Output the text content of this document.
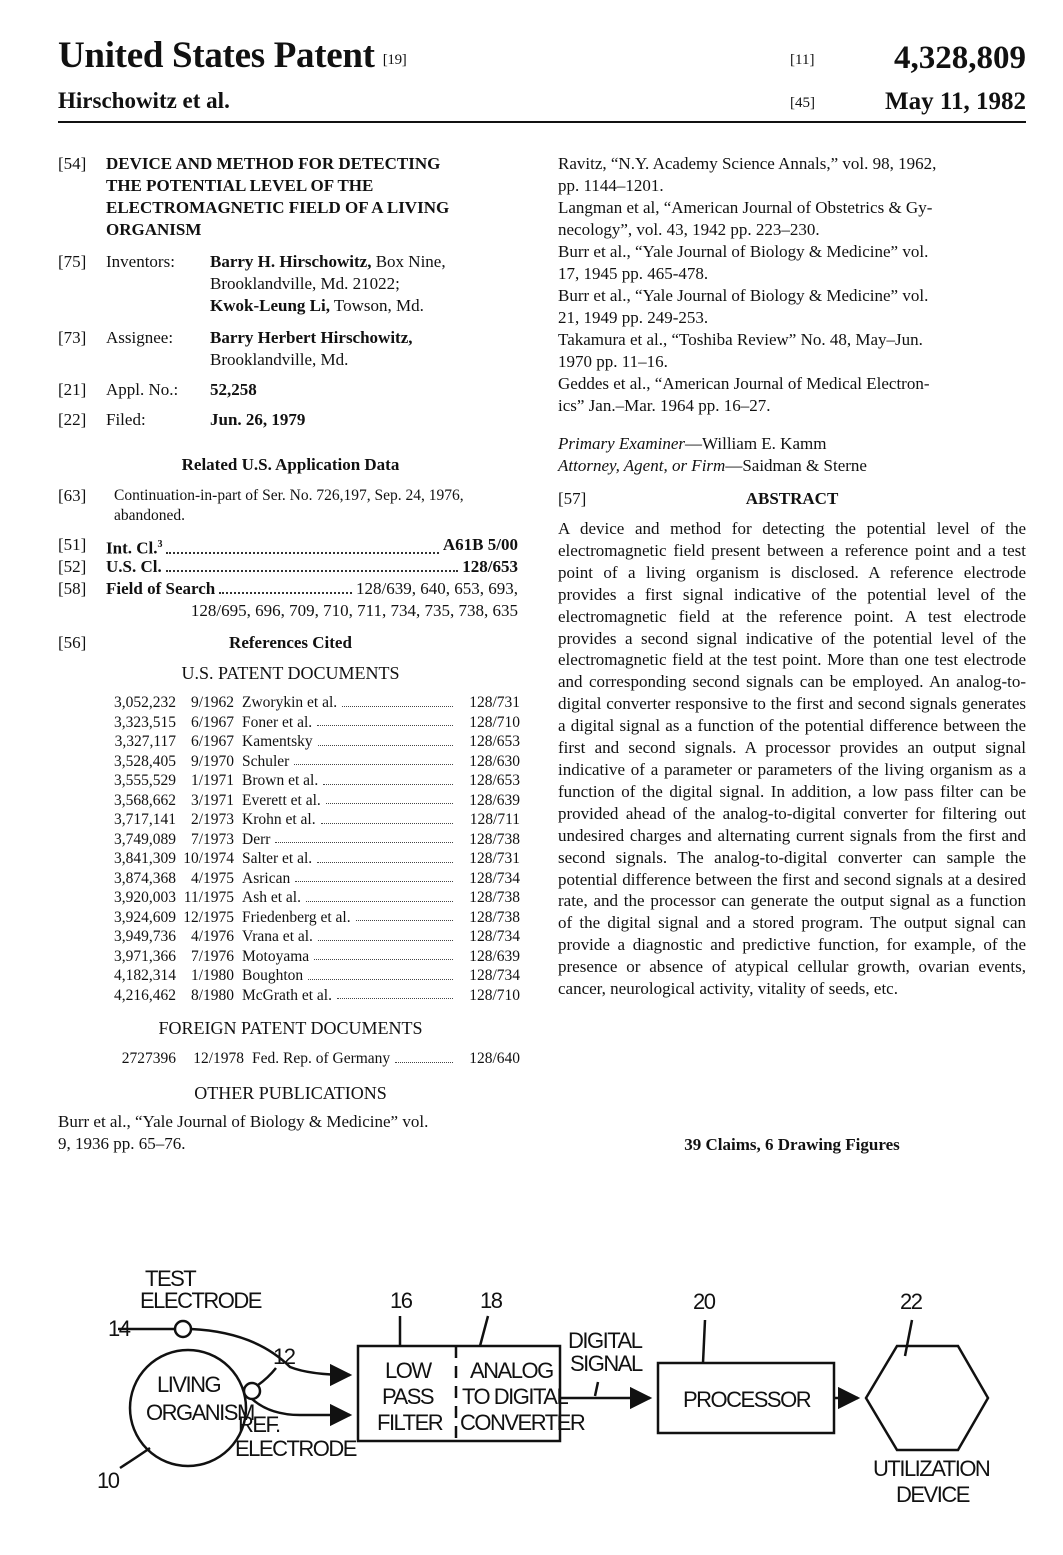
United States Patent [19]
Hirschowitz et al.
[11] 4,328,809
[45]	May 11, 1982
[54] DEVICE AND METHOD FOR DETECTING
THE POTENTIAL LEVEL OF THE
ELECTROMAGNETIC FIELD OF A LIVING
ORGANISM
[75] Inventors: Barry H. Hirschowitz, Box Nine,
Brooklandville, Md. 21022;
Kwok-Leung Li, Towson, Md.
[73] Assignee: Barry Herbert Hirschowitz,
Brooklandville, Md.
[21] Appl. No.: 52,258
[22] Filed:	Jun. 26, 1979
Related U.S. Application Data
[63] Continuation-in-part of Ser. No. 726,197, Sep. 24, 1976,
abandoned.
[51] Int. Cl.$^3$	A61B 5/00
[52] U.S. Cl.	128/653
[58] Field of Search	128/639, 640, 653, 693,
128/695, 696, 709, 710, 711, 734, 735, 738, 635
[56]	References Cited
U.S. PATENT DOCUMENTS
3,052,232 9/1962 Zworykin et al.	128/731
3,323,515 6/1967 Foner et al.	128/710
3,327,117 6/1967 Kamentsky	128/653
3,528,405 9/1970 Schuler	128/630
3,555,529 1/1971 Brown et al.	128/653
3,568,662 3/1971 Everett et al.	128/639
3,717,141 2/1973 Krohn et al.	128/711
3,749,089 7/1973 Derr	128/738
3,841,309 10/1974 Salter et al.	128/731
3,874,368 4/1975 Asrican	128/734
3,920,003 11/1975 Ash et al.	128/738
3,924,609 12/1975 Friedenberg et al.	128/738
3,949,736 4/1976 Vrana et al.	128/734
3,971,366 7/1976 Motoyama	128/639
4,182,314 1/1980 Boughton	128/734
4,216,462 8/1980 McGrath et al.	128/710
FOREIGN PATENT DOCUMENTS
2727396	12/1978 Fed. Rep. of Germany	128/640
OTHER PUBLICATIONS
Burr et al., “Yale Journal of Biology & Medicine” vol.
9, 1936 pp. 65–76.
Ravitz, “N.Y. Academy Science Annals,” vol. 98, 1962,
pp. 1144–1201.
Langman et al, “American Journal of Obstetrics & Gy-
necology”, vol. 43, 1942 pp. 223–230.
Burr et al., “Yale Journal of Biology & Medicine” vol.
17, 1945 pp. 465-478.
Burr et al., “Yale Journal of Biology & Medicine” vol.
21, 1949 pp. 249-253.
Takamura et al., “Toshiba Review” No. 48, May–Jun.
1970 pp. 11–16.
Geddes et al., “American Journal of Medical Electron-
ics” Jan.–Mar. 1964 pp. 16–27.
Primary Examiner—William E. Kamm
Attorney, Agent, or Firm—Saidman & Sterne
[57]	ABSTRACT
A device and method for detecting the potential level of the electromagnetic field present between a reference point and a test point of a living organism is disclosed. A reference electrode provides a first signal indicative of the potential level of the electromagnetic field at the reference point. A test electrode provides a second signal indicative of the potential level of the electromagnetic field at the test point. More than one test electrode and corresponding second signals can be employed. An analog-to-digital converter responsive to the first and second signals generates a digital signal as a function of the potential difference between the first and second signals. A processor provides an output signal indicative of a parameter or parameters of the living organism as a function of the digital signal. In addition, a low pass filter can be provided ahead of the analog-to-digital converter for filtering out undesired charges and alternating current signals from the first and second signals. The analog-to-digital converter can sample the potential difference between the first and second signals at a desired rate, and the processor can generate the output signal as a function of the digital signal and a stored program. The output signal can provide a diagnostic and predictive function, for example, of the presence or absence of atypical cellular growth, ovarian events, cancer, neurological activity, vitality of seeds, etc.
39 Claims, 6 Drawing Figures
TEST
ELECTRODE
14
10
12
LIVING
ORGANISM
REF.
ELECTRODE
16	18
LOW
PASS
FILTER
ANALOG
TO DIGITAL
CONVERTER
DIGITAL
SIGNAL
20
PROCESSOR
22
UTILIZATION
DEVICE
